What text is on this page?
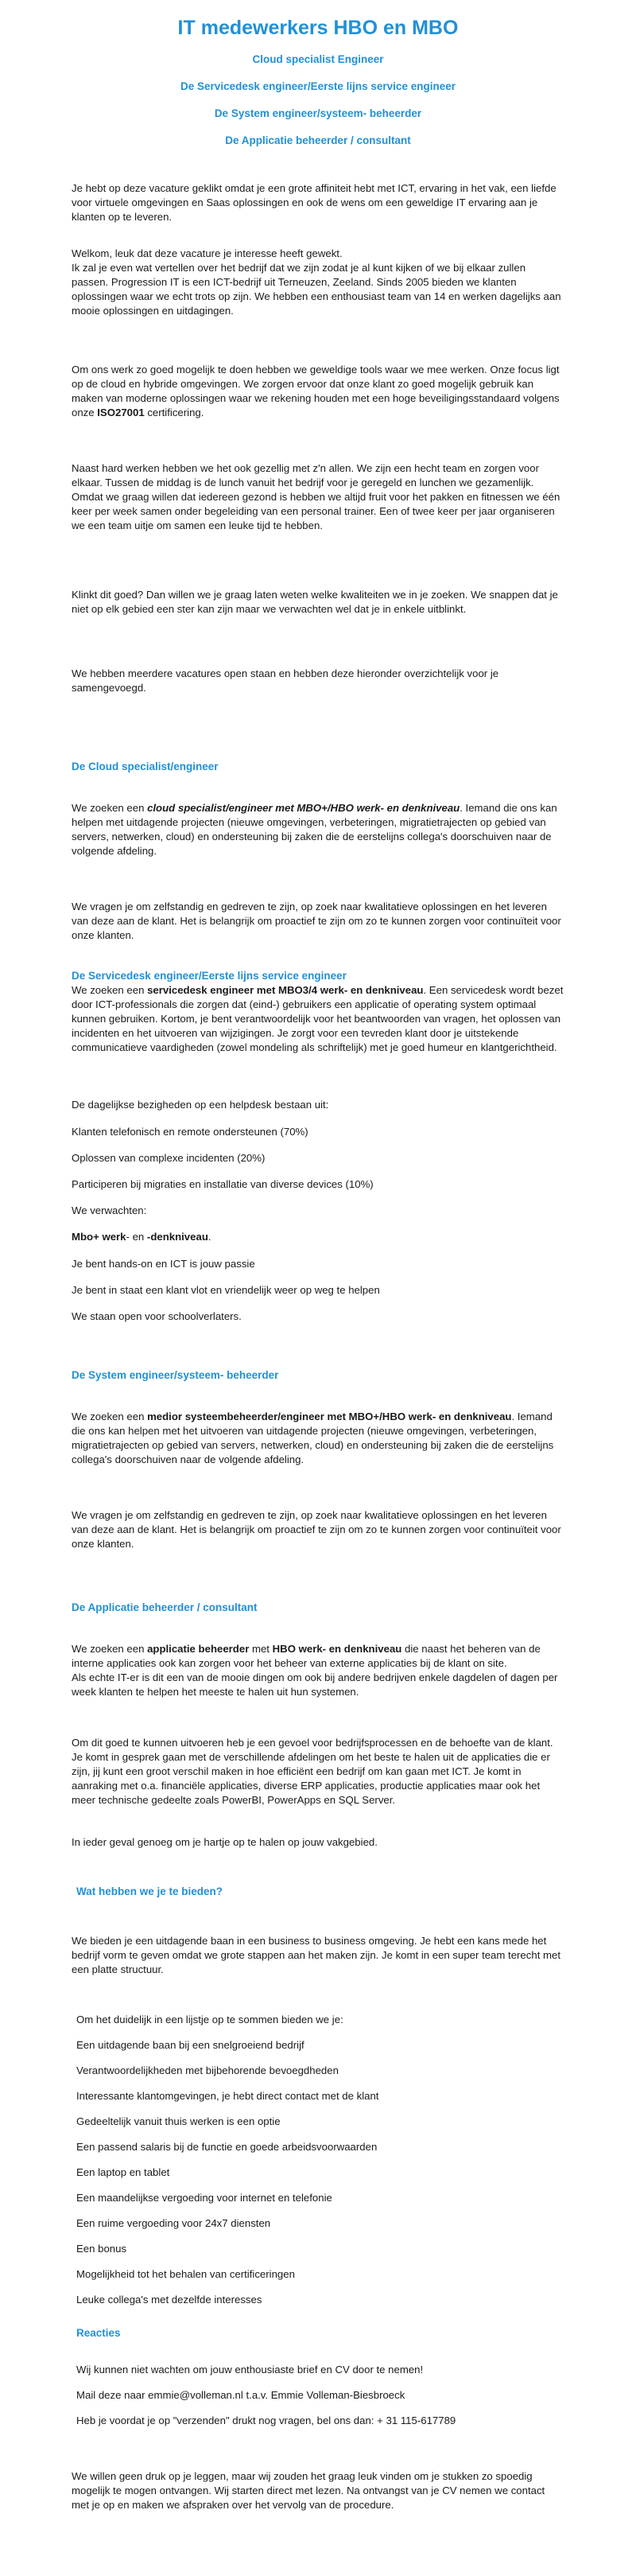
IT medewerkers HBO en MBO
Cloud specialist Engineer
De Servicedesk engineer/Eerste lijns service engineer
De System engineer/systeem- beheerder
De Applicatie beheerder / consultant

Je hebt op deze vacature geklikt omdat je een grote affiniteit hebt met ICT, ervaring in het vak, een liefde voor virtuele omgevingen en Saas oplossingen en ook de wens om een geweldige IT ervaring aan je klanten op te leveren.

Welkom, leuk dat deze vacature je interesse heeft gewekt.
Ik zal je even wat vertellen over het bedrijf dat we zijn zodat je al kunt kijken of we bij elkaar zullen passen. Progression IT is een ICT-bedrijf uit Terneuzen, Zeeland. Sinds 2005 bieden we klanten oplossingen waar we echt trots op zijn. We hebben een enthousiast team van 14 en werken dagelijks aan mooie oplossingen en uitdagingen.

Om ons werk zo goed mogelijk te doen hebben we geweldige tools waar we mee werken. Onze focus ligt op de cloud en hybride omgevingen. We zorgen ervoor dat onze klant zo goed mogelijk gebruik kan maken van moderne oplossingen waar we rekening houden met een hoge beveiligingsstandaard volgens onze ISO27001 certificering.

Naast hard werken hebben we het ook gezellig met z'n allen. We zijn een hecht team en zorgen voor elkaar. Tussen de middag is de lunch vanuit het bedrijf voor je geregeld en lunchen we gezamenlijk. Omdat we graag willen dat iedereen gezond is hebben we altijd fruit voor het pakken en fitnessen we één keer per week samen onder begeleiding van een personal trainer. Een of twee keer per jaar organiseren we een team uitje om samen een leuke tijd te hebben.

Klinkt dit goed? Dan willen we je graag laten weten welke kwaliteiten we in je zoeken. We snappen dat je niet op elk gebied een ster kan zijn maar we verwachten wel dat je in enkele uitblinkt.

We hebben meerdere vacatures open staan en hebben deze hieronder overzichtelijk voor je samengevoegd.

De Cloud specialist/engineer

We zoeken een cloud specialist/engineer met MBO+/HBO werk- en denkniveau. Iemand die ons kan helpen met uitdagende projecten (nieuwe omgevingen, verbeteringen, migratietrajecten op gebied van servers, netwerken, cloud) en ondersteuning bij zaken die de eerstelijns collega's doorschuiven naar de volgende afdeling.

We vragen je om zelfstandig en gedreven te zijn, op zoek naar kwalitatieve oplossingen en het leveren van deze aan de klant. Het is belangrijk om proactief te zijn om zo te kunnen zorgen voor continuïteit voor onze klanten.

De Servicedesk engineer/Eerste lijns service engineer

We zoeken een servicedesk engineer met MBO3/4 werk- en denkniveau. Een servicedesk wordt bezet door ICT-professionals die zorgen dat (eind-) gebruikers een applicatie of operating system optimaal kunnen gebruiken. Kortom, je bent verantwoordelijk voor het beantwoorden van vragen, het oplossen van incidenten en het uitvoeren van wijzigingen. Je zorgt voor een tevreden klant door je uitstekende communicatieve vaardigheden (zowel mondeling als schriftelijk) met je goed humeur en klantgerichtheid.

De dagelijkse bezigheden op een helpdesk bestaan uit:

Klanten telefonisch en remote ondersteunen (70%)

Oplossen van complexe incidenten (20%)

Participeren bij migraties en installatie van diverse devices (10%)

We verwachten:

Mbo+ werk- en -denkniveau.

Je bent hands-on en ICT is jouw passie

Je bent in staat een klant vlot en vriendelijk weer op weg te helpen

We staan open voor schoolverlaters.

De System engineer/systeem- beheerder

We zoeken een medior systeembeheerder/engineer met MBO+/HBO werk- en denkniveau. Iemand die ons kan helpen met het uitvoeren van uitdagende projecten (nieuwe omgevingen, verbeteringen, migratietrajecten op gebied van servers, netwerken, cloud) en ondersteuning bij zaken die de eerstelijns collega's doorschuiven naar de volgende afdeling.

We vragen je om zelfstandig en gedreven te zijn, op zoek naar kwalitatieve oplossingen en het leveren van deze aan de klant. Het is belangrijk om proactief te zijn om zo te kunnen zorgen voor continuïteit voor onze klanten.

De Applicatie beheerder / consultant

We zoeken een applicatie beheerder met HBO werk- en denkniveau die naast het beheren van de interne applicaties ook kan zorgen voor het beheer van externe applicaties bij de klant on site.
Als echte IT-er is dit een van de mooie dingen om ook bij andere bedrijven enkele dagdelen of dagen per week klanten te helpen het meeste te halen uit hun systemen.

Om dit goed te kunnen uitvoeren heb je een gevoel voor bedrijfsprocessen en de behoefte van de klant. Je komt in gesprek gaan met de verschillende afdelingen om het beste te halen uit de applicaties die er zijn, jij kunt een groot verschil maken in hoe efficiënt een bedrijf om kan gaan met ICT. Je komt in aanraking met o.a. financiële applicaties, diverse ERP applicaties, productie applicaties maar ook het meer technische gedeelte zoals PowerBI, PowerApps en SQL Server.

In ieder geval genoeg om je hartje op te halen op jouw vakgebied.

Wat hebben we je te bieden?

We bieden je een uitdagende baan in een business to business omgeving. Je hebt een kans mede het bedrijf vorm te geven omdat we grote stappen aan het maken zijn. Je komt in een super team terecht met een platte structuur.

Om het duidelijk in een lijstje op te sommen bieden we je:

Een uitdagende baan bij een snelgroeiend bedrijf

Verantwoordelijkheden met bijbehorende bevoegdheden

Interessante klantomgevingen, je hebt direct contact met de klant

Gedeeltelijk vanuit thuis werken is een optie

Een passend salaris bij de functie en goede arbeidsvoorwaarden

Een laptop en tablet

Een maandelijkse vergoeding voor internet en telefonie

Een ruime vergoeding voor 24x7 diensten

Een bonus

Mogelijkheid tot het behalen van certificeringen

Leuke collega's met dezelfde interesses

Reacties

Wij kunnen niet wachten om jouw enthousiaste brief en CV door te nemen!

Mail deze naar emmie@volleman.nl t.a.v. Emmie Volleman-Biesbroeck

Heb je voordat je op "verzenden" drukt nog vragen, bel ons dan: + 31 115-617789

We willen geen druk op je leggen, maar wij zouden het graag leuk vinden om je stukken zo spoedig mogelijk te mogen ontvangen. Wij starten direct met lezen. Na ontvangst van je CV nemen we contact met je op en maken we afspraken over het vervolg van de procedure.
